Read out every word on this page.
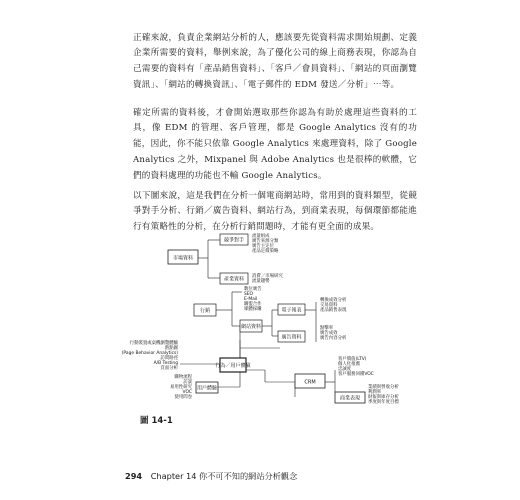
正確來說，負責企業網站分析的人，應該要先從資料需求開始規劃、定義企業所需要的資料，舉例來說，為了優化公司的線上商務表現，你認為自己需要的資料有「產品銷售資料」、「客戶／會員資料」、「網站的頁面瀏覽資訊」、「網站的轉換資訊」、「電子郵件的 EDM 發送／分析」⋯等。

確定所需的資料後，才會開始選取那些你認為有助於處理這些資料的工具，像 EDM 的管理、客戶管理，都是 Google Analytics 沒有的功能，因此，你不能只依靠 Google Analytics 來處理資料，除了 Google Analytics 之外，Mixpanel 與 Adobe Analytics 也是很棒的軟體，它們的資料處理的功能也不輸 Google Analytics。

以下圖來說，這是我們在分析一個電商網站時，常用到的資料類型，從競爭對手分析、行銷／廣告資料、網站行為，到商業表現，每個環節都能進行有策略性的分析，在分析行銷問題時，才能有更全面的成果。

市場資料
競爭對手
產業資料
行銷
網站資料
電子報表
廣告資料
行為／用戶體驗
用戶體驗
CRM
商業表現
流量組成
廣告來源分類
廣告主定位
產品定價策略
消費／市場研究
流量趨勢
數位廣告
SEO
E-Mail
聯盟合作
媒體採購
轉換成效分析
交易資料
產品銷售表現
點擊率
廣告成效
廣告內容分析
行動裝置或桌機瀏覽體驗
熱點圖
(Page Behavior Analytics)
訪問路徑
A/B Testing
頁面分析
購物流程
訪談
易用性研究
VOC
使用問卷
客戶價值(LTV)
個人化推薦
忠誠度
客戶服務回饋VOC
業績與營收分析
利潤率
財報與庫存分析
季度與年度目標
圖 14-1
294 Chapter 14 你不可不知的網站分析觀念
